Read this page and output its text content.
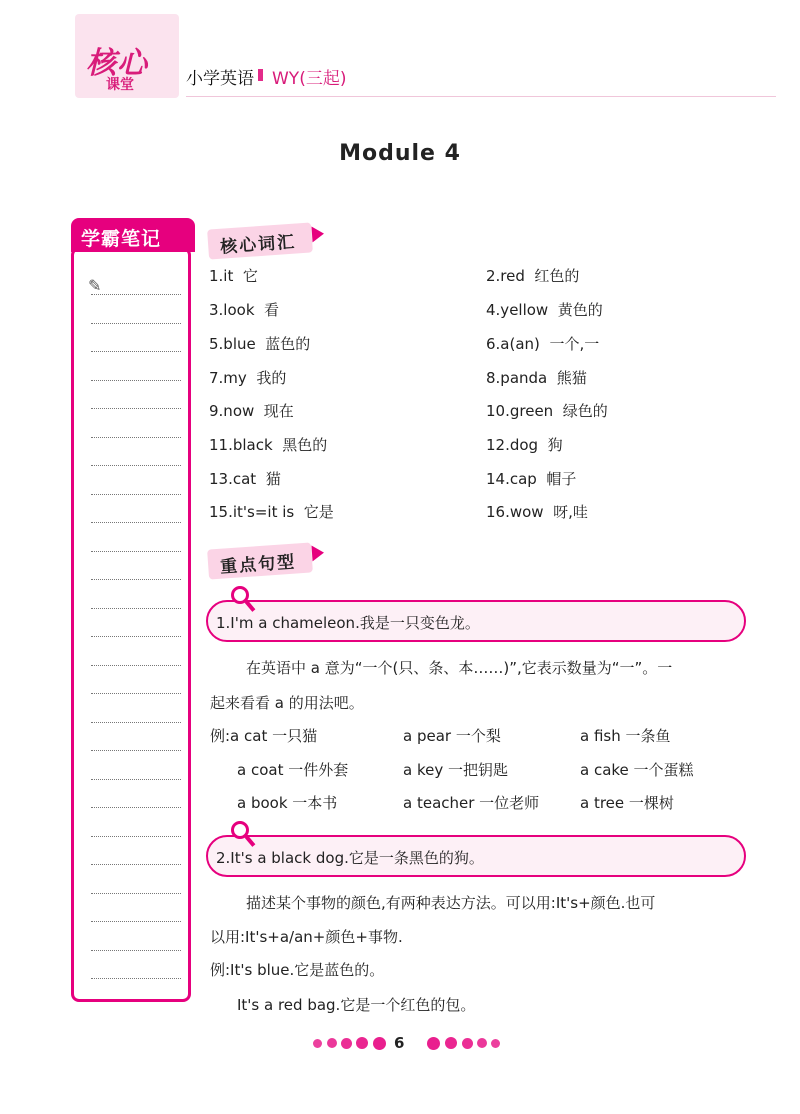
核心
课堂	小学英语 WY(三起)
Module 4
学霸笔记
✎
核心词汇
1.it  它	2.red  红色的
3.look  看	4.yellow  黄色的
5.blue  蓝色的	6.a(an)  一个,一
7.my  我的	8.panda  熊猫
9.now  现在	10.green  绿色的
11.black  黑色的	12.dog  狗
13.cat  猫	14.cap  帽子
15.it's=it is  它是	16.wow  呀,哇
重点句型
1.I'm a chameleon.我是一只变色龙。
在英语中 a 意为“一个(只、条、本……)”,它表示数量为“一”。一
起来看看 a 的用法吧。
例:a cat 一只猫	a pear 一个梨	a fish 一条鱼
a coat 一件外套	a key 一把钥匙	a cake 一个蛋糕
a book 一本书	a teacher 一位老师	a tree 一棵树
2.It's a black dog.它是一条黑色的狗。
描述某个事物的颜色,有两种表达方法。可以用:It's+颜色.也可
以用:It's+a/an+颜色+事物.
例:It's blue.它是蓝色的。
It's a red bag.它是一个红色的包。
6
